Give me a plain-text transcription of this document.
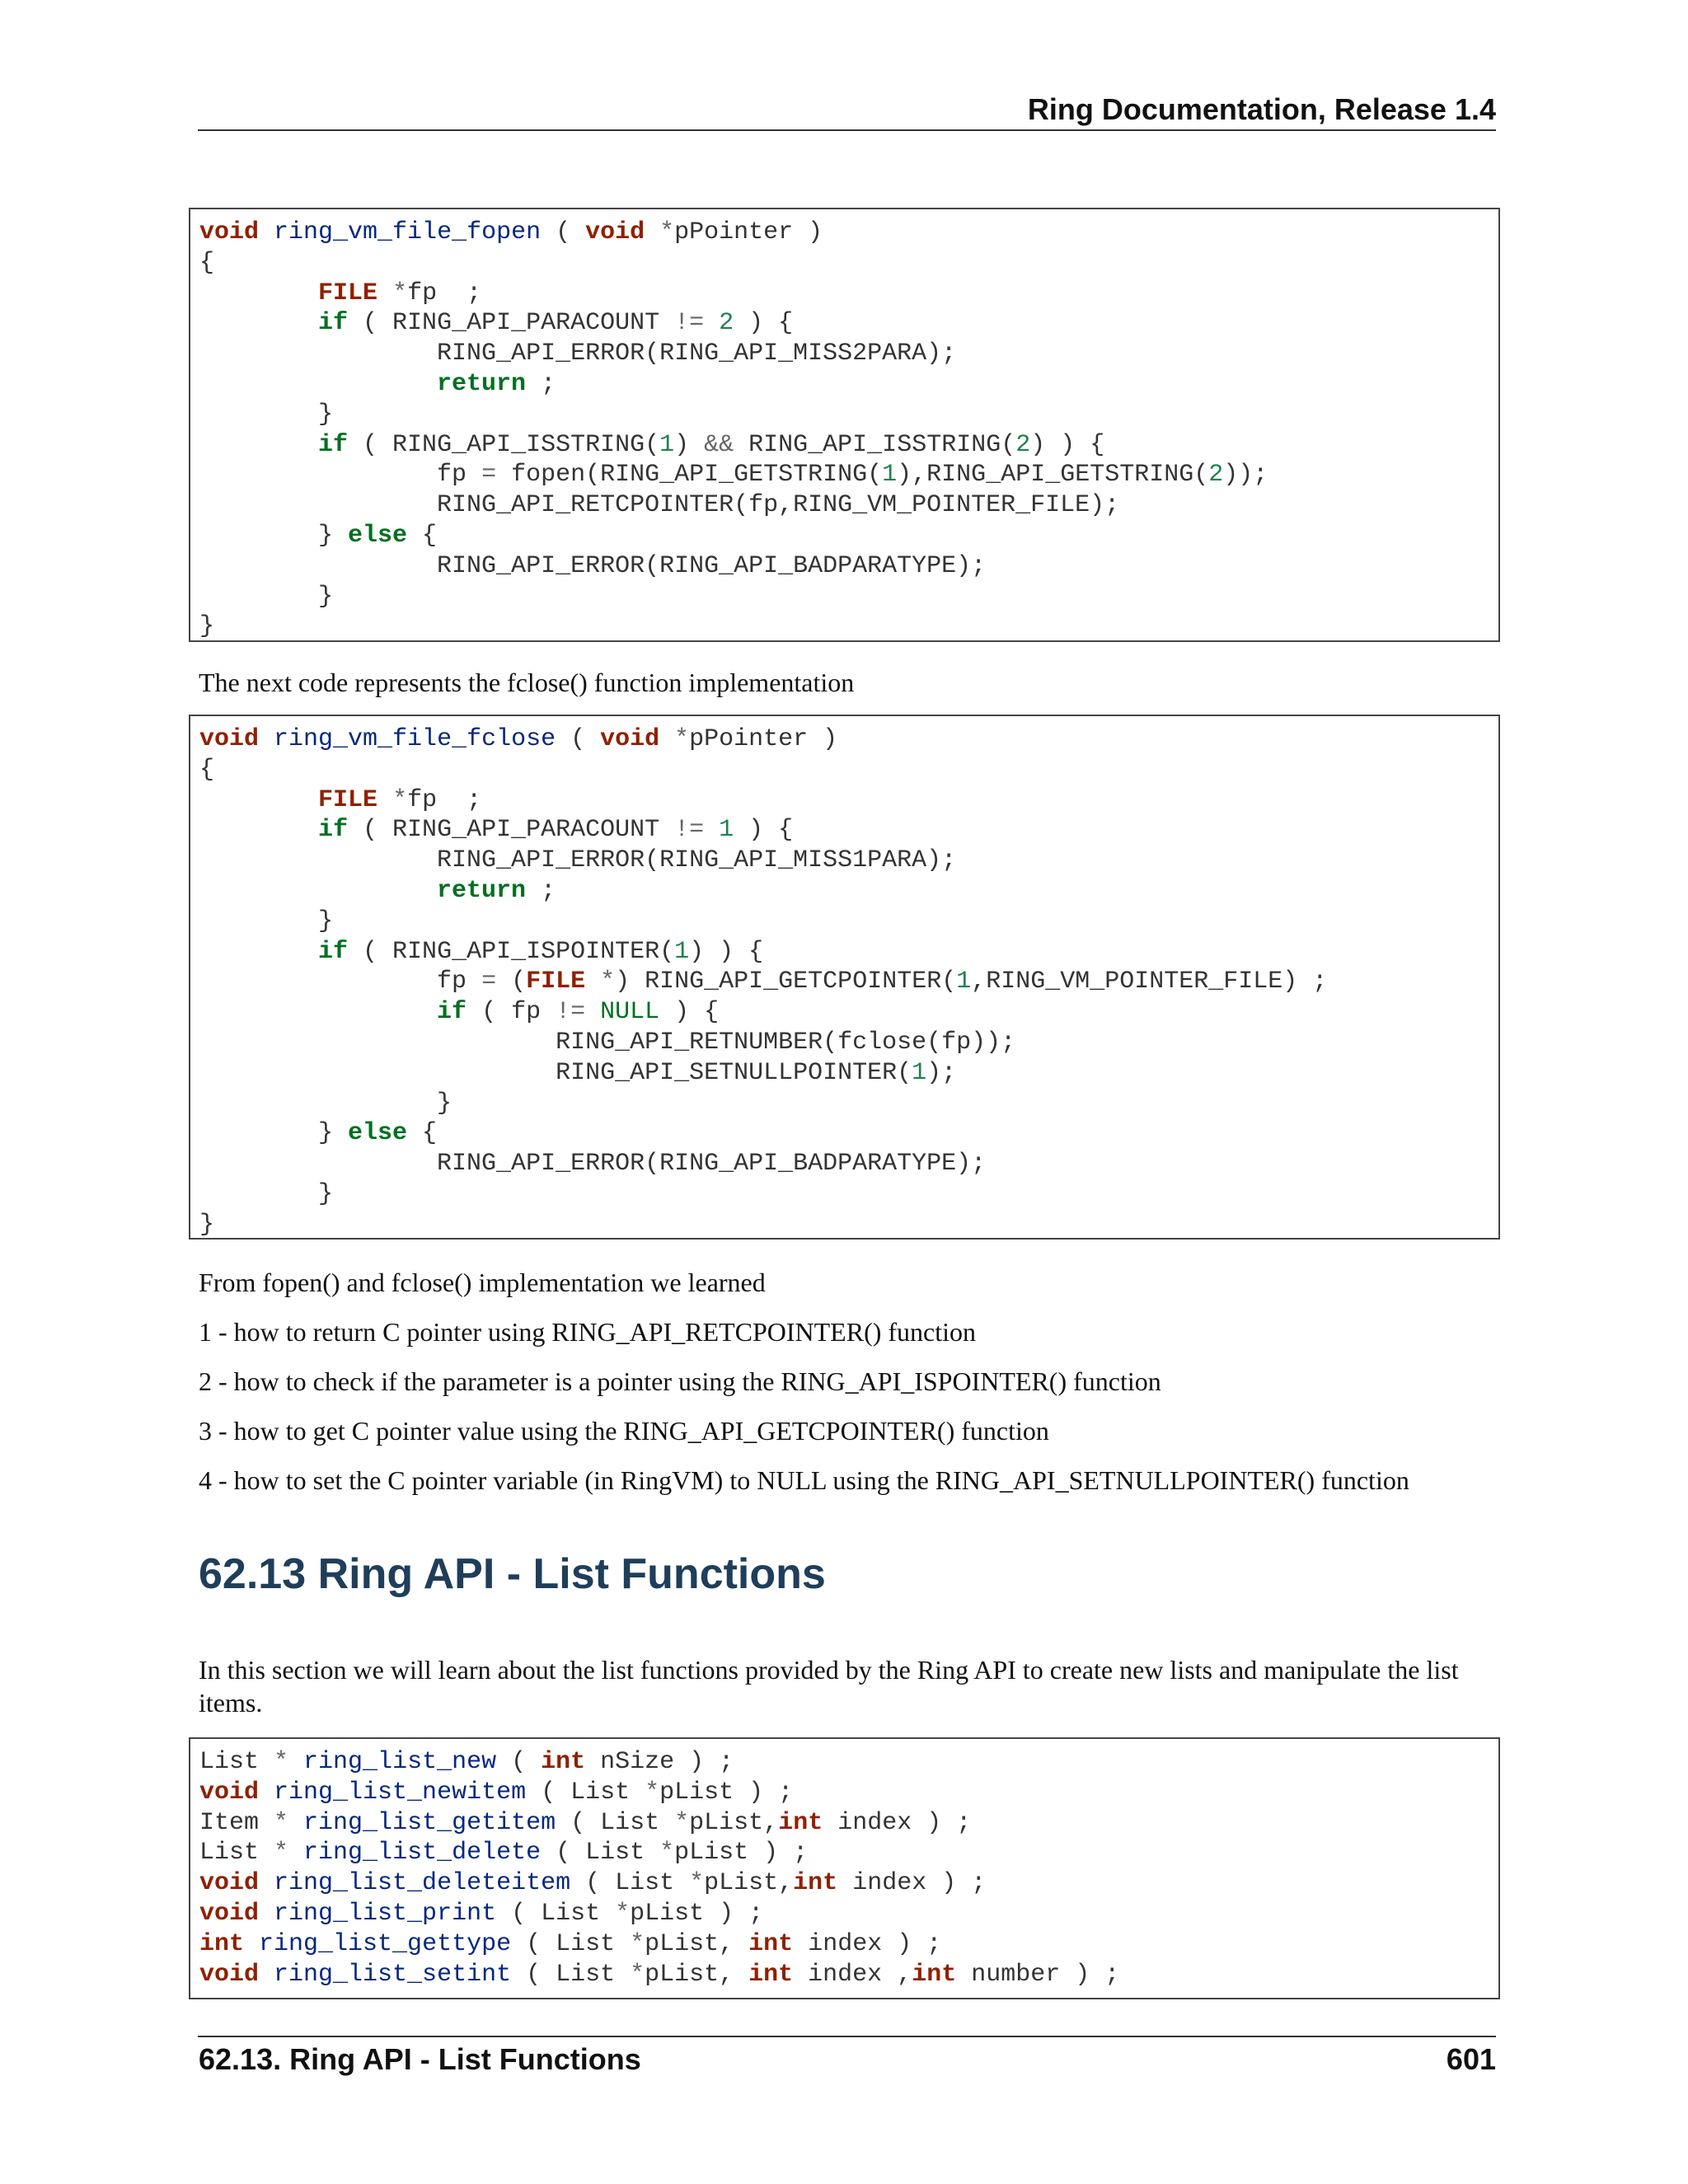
Ring Documentation, Release 1.4

void ring_vm_file_fopen ( void *pPointer )
{
FILE *fp  ;
if ( RING_API_PARACOUNT != 2 ) {
RING_API_ERROR(RING_API_MISS2PARA);
return ;
}
if ( RING_API_ISSTRING(1) && RING_API_ISSTRING(2) ) {
fp = fopen(RING_API_GETSTRING(1),RING_API_GETSTRING(2));
RING_API_RETCPOINTER(fp,RING_VM_POINTER_FILE);
} else {
RING_API_ERROR(RING_API_BADPARATYPE);
}
}

The next code represents the fclose() function implementation

void ring_vm_file_fclose ( void *pPointer )
{
FILE *fp  ;
if ( RING_API_PARACOUNT != 1 ) {
RING_API_ERROR(RING_API_MISS1PARA);
return ;
}
if ( RING_API_ISPOINTER(1) ) {
fp = (FILE *) RING_API_GETCPOINTER(1,RING_VM_POINTER_FILE) ;
if ( fp != NULL ) {
RING_API_RETNUMBER(fclose(fp));
RING_API_SETNULLPOINTER(1);
}
} else {
RING_API_ERROR(RING_API_BADPARATYPE);
}
}

From fopen() and fclose() implementation we learned

1 - how to return C pointer using RING_API_RETCPOINTER() function

2 - how to check if the parameter is a pointer using the RING_API_ISPOINTER() function

3 - how to get C pointer value using the RING_API_GETCPOINTER() function

4 - how to set the C pointer variable (in RingVM) to NULL using the RING_API_SETNULLPOINTER() function

62.13 Ring API - List Functions

In this section we will learn about the list functions provided by the Ring API to create new lists and manipulate the list items.

List * ring_list_new ( int nSize ) ;
void ring_list_newitem ( List *pList ) ;
Item * ring_list_getitem ( List *pList,int index ) ;
List * ring_list_delete ( List *pList ) ;
void ring_list_deleteitem ( List *pList,int index ) ;
void ring_list_print ( List *pList ) ;
int ring_list_gettype ( List *pList, int index ) ;
void ring_list_setint ( List *pList, int index ,int number ) ;

62.13. Ring API - List Functions	601
